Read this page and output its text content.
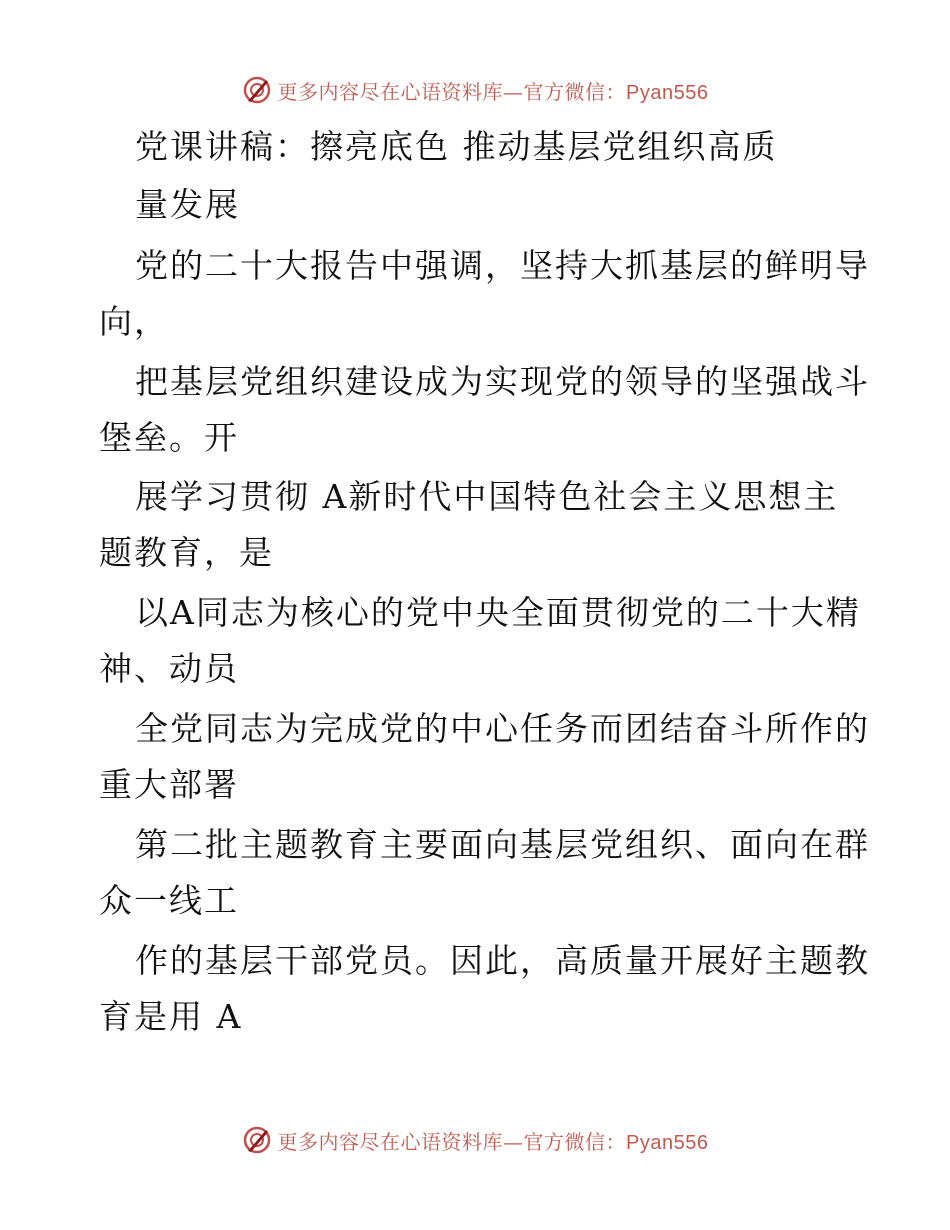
更多内容尽在心语资料库—官方微信：Pyan556
党课讲稿：擦亮底色 推动基层党组织高质
量发展
党的二十大报告中强调，坚持大抓基层的鲜明导
向，
把基层党组织建设成为实现党的领导的坚强战斗
堡垒。开
展学习贯彻 A新时代中国特色社会主义思想主
题教育，是
以A同志为核心的党中央全面贯彻党的二十大精
神、动员
全党同志为完成党的中心任务而团结奋斗所作的
重大部署
第二批主题教育主要面向基层党组织、面向在群
众一线工
作的基层干部党员。因此，高质量开展好主题教
育是用 A
更多内容尽在心语资料库—官方微信：Pyan556
